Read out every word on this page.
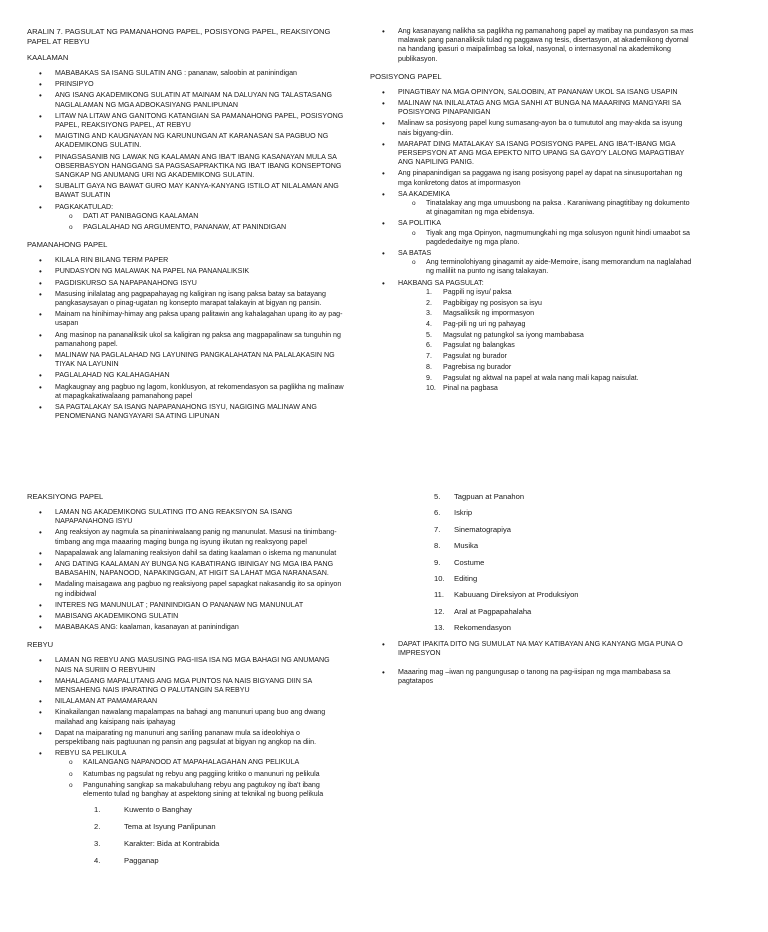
ARALIN 7. PAGSULAT NG PAMANAHONG PAPEL, POSISYONG PAPEL, REAKSIYONG PAPEL AT REBYU
KAALAMAN
• MABABAKAS SA ISANG SULATIN ANG : pananaw, saloobin at paninindigan
• PRINSIPYO
• ANG ISANG AKADEMIKONG SULATIN AT MAINAM NA DALUYAN NG TALASTASANG NAGLALAMAN NG MGA ADBOKASIYANG PANLIPUNAN
• LITAW NA LITAW ANG GANITONG KATANGIAN SA PAMANAHONG PAPEL, POSISYONG PAPEL, REAKSIYONG PAPEL, AT REBYU
• MAIGTING AND KAUGNAYAN NG KARUNUNGAN AT KARANASAN SA PAGBUO NG AKADEMIKONG SULATIN.
• PINAGSASANIB NG LAWAK NG KAALAMAN ANG IBA'T IBANG KASANAYAN MULA SA OBSERBASYON HANGGANG SA PAGSASAPRAKTIKA NG IBA'T IBANG KONSEPTONG SANGKAP NG ANUMANG URI NG AKADEMIKONG SULATIN.
• SUBALIT GAYA NG BAWAT GURO MAY KANYA-KANYANG ISTILO AT NILALAMAN ANG BAWAT SULATIN
• PAGKAKATULAD:
o DATI AT PANIBAGONG KAALAMAN
o PAGLALAHAD NG ARGUMENTO, PANANAW, AT PANINDIGAN
PAMANAHONG PAPEL
• KILALA RIN BILANG TERM PAPER
• PUNDASYON NG MALAWAK NA PAPEL NA PANANALIKSIK
• PAGDISKURSO SA NAPAPANAHONG ISYU
• Masusing inilalatag ang pagpapahayag ng kaligiran ng isang paksa batay sa batayang pangkasaysayan o pinag-ugatan ng konsepto marapat talakayin at bigyan ng pansin.
• Mainam na hinihimay-himay ang paksa upang palitawin ang kahalagahan upang ito ay pag-usapan
• Ang masinop na pananaliksik ukol sa kaligiran ng paksa ang magpapalinaw sa tunguhin ng pamanahong papel.
• MALINAW NA PAGLALAHAD NG LAYUNING PANGKALAHATAN NA PALALAKASIN NG TIYAK NA LAYUNIN
• PAGLALAHAD NG KALAHAGAHAN
• Magkaugnay ang pagbuo ng lagom, konklusyon, at rekomendasyon sa paglikha ng malinaw at mapagkakatiwalaang pamanahong papel
• SA PAGTALAKAY SA ISANG NAPAPANAHONG ISYU, NAGIGING MALINAW ANG PENOMENANG NANGYAYARI SA ATING LIPUNAN
• Ang kasanayang nalikha sa paglikha ng pamanahong papel ay matibay na pundasyon sa mas malawak pang pananaliksik tulad ng paggawa ng tesis, disertasyon, at akademikong dyornal na handang ipasuri o maipalimbag sa lokal, nasyonal, o internasyonal na akademikong publikasyon.
POSISYONG PAPEL
• PINAGTIBAY NA MGA OPINYON, SALOOBIN, AT PANANAW UKOL SA ISANG USAPIN
• MALINAW NA INILALATAG ANG MGA SANHI AT BUNGA NA MAAARING MANGYARI SA POSISYONG PINAPANIGAN
• Malinaw sa posisyong papel kung sumasang-ayon ba o tumututol ang may-akda sa isyung nais bigyang-diin.
• MARAPAT DING MATALAKAY SA ISANG POSISYONG PAPEL ANG IBA'T-IBANG MGA PERSEPSYON AT ANG MGA EPEKTO NITO UPANG SA GAYO'Y LALONG MAPAGTIBAY ANG NAPILING PANIG.
• Ang pinapanindigan sa paggawa ng isang posisyong papel ay dapat na sinusuportahan ng mga konkretong datos at impormasyon
• SA AKADEMIKA
o Tinatalakay ang mga umuusbong na paksa . Karaniwang pinagtitibay ng dokumento at ginagamitan ng mga ebidensya.
• SA POLITIKA
o Tiyak ang mga Opinyon, nagmumungkahi ng mga solusyon ngunit hindi umaabot sa pagdededaitye ng mga plano.
• SA BATAS
o Ang terminolohiyang ginagamit ay aide-Memoire, isang memorandum na naglalahad ng maliliit na punto ng isang talakayan.
• HAKBANG SA PAGSULAT:
1. Pagpili ng isyu/ paksa
2. Pagbibigay ng posisyon sa isyu
3. Magsaliksik ng impormasyon
4. Pag-pili ng uri ng pahayag
5. Magsulat ng patungkol sa iyong mambabasa
6. Pagsulat ng balangkas
7. Pagsulat ng burador
8. Pagrebisa ng burador
9. Pagsulat ng aktwal na papel at wala nang mali kapag naisulat.
10. Pinal na pagbasa
REAKSIYONG PAPEL
• LAMAN NG AKADEMIKONG SULATING ITO ANG REAKSIYON SA ISANG NAPAPANAHONG ISYU
• Ang reaksiyon ay nagmula sa pinaniniwalaang panig ng manunulat. Masusi na tinimbang-timbang ang mga maaaring maging bunga ng isyung iikutan ng reaksyong papel
• Napapalawak ang lalamaning reaksiyon dahil sa dating kaalaman o iskema ng manunulat
• ANG DATING KAALAMAN AY BUNGA NG KABATIRANG IBINIGAY NG MGA IBA PANG BABASAHIN, NAPANOOD, NAPAKINGGAN, AT HIGIT SA LAHAT MGA NARANASAN.
• Madaling maisagawa ang pagbuo ng reaksiyong papel sapagkat nakasandig ito sa opinyon ng indibidwal
• INTERES NG MANUNULAT ; PANININDIGAN O PANANAW NG MANUNULAT
• MABISANG AKADEMIKONG SULATIN
• MABABAKAS ANG: kaalaman, kasanayan at paninindigan
REBYU
• LAMAN NG REBYU ANG MASUSING PAG-IISA ISA NG MGA BAHAGI NG ANUMANG NAIS NA SURIIN O REBYUHIN
• MAHALAGANG MAPALUTANG ANG MGA PUNTOS NA NAIS BIGYANG DIIN SA MENSAHENG NAIS IPARATING O PALUTANGIN SA REBYU
• NILALAMAN AT PAMAMARAAN
• Kinakailangan nawalang mapalampas na bahagi ang manunuri upang buo ang dwang mailahad ang kaisipang nais ipahayag
• Dapat na maiparating ng manunuri ang sariling pananaw mula sa ideolohiya o perspektibang nais pagtuunan ng pansin ang pagsulat at bigyan ng angkop na diin.
• REBYU SA PELIKULA
o KAILANGANG NAPANOOD AT MAPAHALAGAHAN ANG PELIKULA
o Katumbas ng pagsulat ng rebyu ang paggiing kritiko o manunuri ng pelikula
o Pangunahing sangkap sa makabuluhang rebyu ang pagtukoy ng iba't ibang elemento tulad ng banghay at aspektong sining at teknikal ng buong pelikula
1.	Kuwento o Banghay
2.	Tema at Isyung Panlipunan
3.	Karakter: Bida at Kontrabida
4.	Pagganap
5. Tagpuan at Panahon
6. Iskrip
7. Sinematograpiya
8. Musika
9. Costume
10. Editing
11. Kabuuang Direksiyon at Produksiyon
12. Aral at Pagpapahalaha
13. Rekomendasyon
• DAPAT IPAKITA DITO NG SUMULAT NA MAY KATIBAYAN ANG KANYANG MGA PUNA O IMPRESYON
• Maaaring mag –iwan ng pangungusap o tanong na pag-iisipan ng mga mambabasa sa pagtatapos
